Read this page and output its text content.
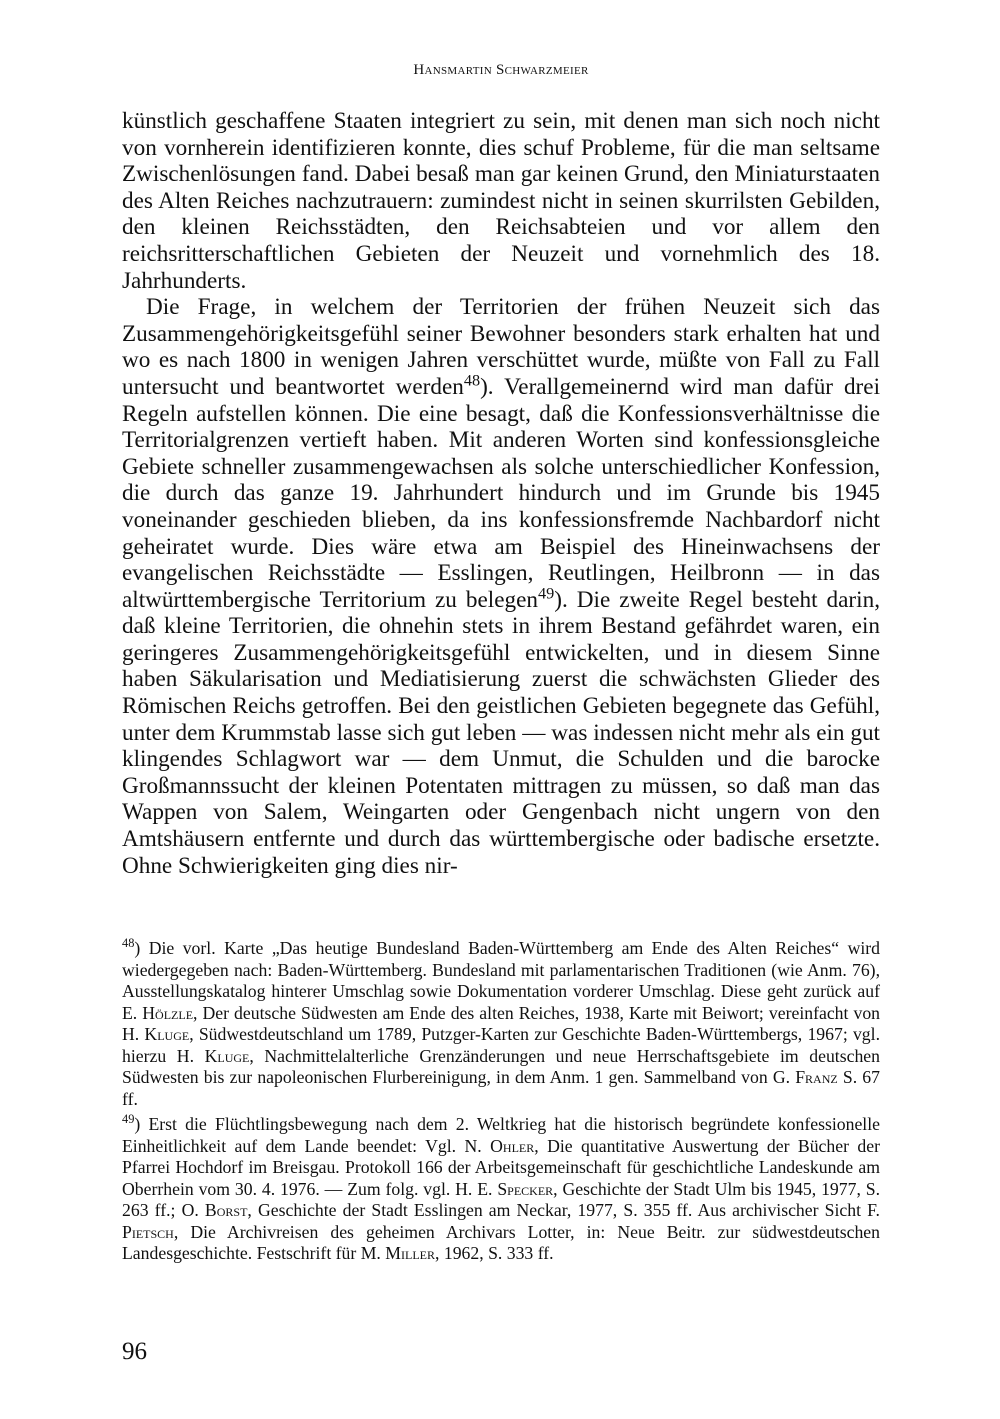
Hansmartin Schwarzmeier

künstlich geschaffene Staaten integriert zu sein, mit denen man sich noch nicht von vornherein identifizieren konnte, dies schuf Probleme, für die man seltsame Zwischenlösungen fand. Dabei besaß man gar keinen Grund, den Miniaturstaaten des Alten Reiches nachzutrauern: zumindest nicht in seinen skurrilsten Gebilden, den kleinen Reichsstädten, den Reichsabteien und vor allem den reichsritterschaftlichen Gebieten der Neuzeit und vornehmlich des 18. Jahrhunderts.

Die Frage, in welchem der Territorien der frühen Neuzeit sich das Zusammengehörigkeitsgefühl seiner Bewohner besonders stark erhalten hat und wo es nach 1800 in wenigen Jahren verschüttet wurde, müßte von Fall zu Fall untersucht und beantwortet werden$^{48}$). Verallgemeinernd wird man dafür drei Regeln aufstellen können. Die eine besagt, daß die Konfessionsverhältnisse die Territorialgrenzen vertieft haben. Mit anderen Worten sind konfessionsgleiche Gebiete schneller zusammengewachsen als solche unterschiedlicher Konfession, die durch das ganze 19. Jahrhundert hindurch und im Grunde bis 1945 voneinander geschieden blieben, da ins konfessionsfremde Nachbardorf nicht geheiratet wurde. Dies wäre etwa am Beispiel des Hineinwachsens der evangelischen Reichsstädte — Esslingen, Reutlingen, Heilbronn — in das altwürttembergische Territorium zu belegen$^{49}$). Die zweite Regel besteht darin, daß kleine Territorien, die ohnehin stets in ihrem Bestand gefährdet waren, ein geringeres Zusammengehörigkeitsgefühl entwickelten, und in diesem Sinne haben Säkularisation und Mediatisierung zuerst die schwächsten Glieder des Römischen Reichs getroffen. Bei den geistlichen Gebieten begegnete das Gefühl, unter dem Krummstab lasse sich gut leben — was indessen nicht mehr als ein gut klingendes Schlagwort war — dem Unmut, die Schulden und die barocke Großmannssucht der kleinen Potentaten mittragen zu müssen, so daß man das Wappen von Salem, Weingarten oder Gengenbach nicht ungern von den Amtshäusern entfernte und durch das württembergische oder badische ersetzte. Ohne Schwierigkeiten ging dies nir-

$^{48}$) Die vorl. Karte „Das heutige Bundesland Baden-Württemberg am Ende des Alten Reiches“ wird wiedergegeben nach: Baden-Württemberg. Bundesland mit parlamentarischen Traditionen (wie Anm. 76), Ausstellungskatalog hinterer Umschlag sowie Dokumentation vorderer Umschlag. Diese geht zurück auf E. Hölzle, Der deutsche Südwesten am Ende des alten Reiches, 1938, Karte mit Beiwort; vereinfacht von H. Kluge, Südwestdeutschland um 1789, Putzger-Karten zur Geschichte Baden-Württembergs, 1967; vgl. hierzu H. Kluge, Nachmittelalterliche Grenzänderungen und neue Herrschaftsgebiete im deutschen Südwesten bis zur napoleonischen Flurbereinigung, in dem Anm. 1 gen. Sammelband von G. Franz S. 67 ff.

$^{49}$) Erst die Flüchtlingsbewegung nach dem 2. Weltkrieg hat die historisch begründete konfessionelle Einheitlichkeit auf dem Lande beendet: Vgl. N. Ohler, Die quantitative Auswertung der Bücher der Pfarrei Hochdorf im Breisgau. Protokoll 166 der Arbeitsgemeinschaft für geschichtliche Landeskunde am Oberrhein vom 30. 4. 1976. — Zum folg. vgl. H. E. Specker, Geschichte der Stadt Ulm bis 1945, 1977, S. 263 ff.; O. Borst, Geschichte der Stadt Esslingen am Neckar, 1977, S. 355 ff. Aus archivischer Sicht F. Pietsch, Die Archivreisen des geheimen Archivars Lotter, in: Neue Beitr. zur südwestdeutschen Landesgeschichte. Festschrift für M. Miller, 1962, S. 333 ff.

96
